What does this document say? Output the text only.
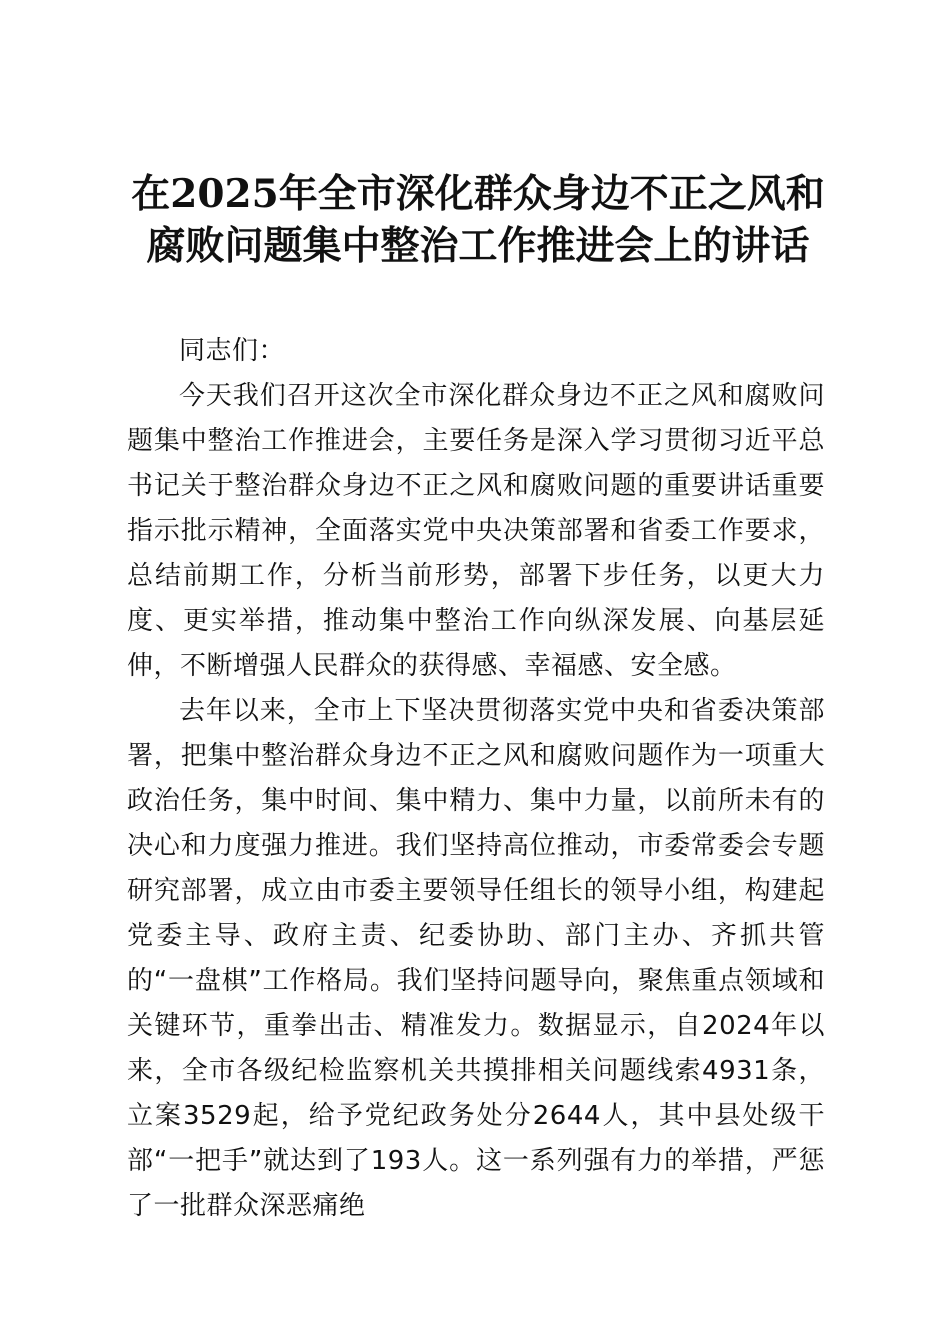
在2025年全市深化群众身边不正之风和腐败问题集中整治工作推进会上的讲话

同志们：

今天我们召开这次全市深化群众身边不正之风和腐败问题集中整治工作推进会，主要任务是深入学习贯彻习近平总书记关于整治群众身边不正之风和腐败问题的重要讲话重要指示批示精神，全面落实党中央决策部署和省委工作要求，总结前期工作，分析当前形势，部署下步任务，以更大力度、更实举措，推动集中整治工作向纵深发展、向基层延伸，不断增强人民群众的获得感、幸福感、安全感。

去年以来，全市上下坚决贯彻落实党中央和省委决策部署，把集中整治群众身边不正之风和腐败问题作为一项重大政治任务，集中时间、集中精力、集中力量，以前所未有的决心和力度强力推进。我们坚持高位推动，市委常委会专题研究部署，成立由市委主要领导任组长的领导小组，构建起党委主导、政府主责、纪委协助、部门主办、齐抓共管的“一盘棋”工作格局。我们坚持问题导向，聚焦重点领域和关键环节，重拳出击、精准发力。数据显示，自2024年以来，全市各级纪检监察机关共摸排相关问题线索4931条，立案3529起，给予党纪政务处分2644人，其中县处级干部“一把手”就达到了193人。这一系列强有力的举措，严惩了一批群众深恶痛绝
